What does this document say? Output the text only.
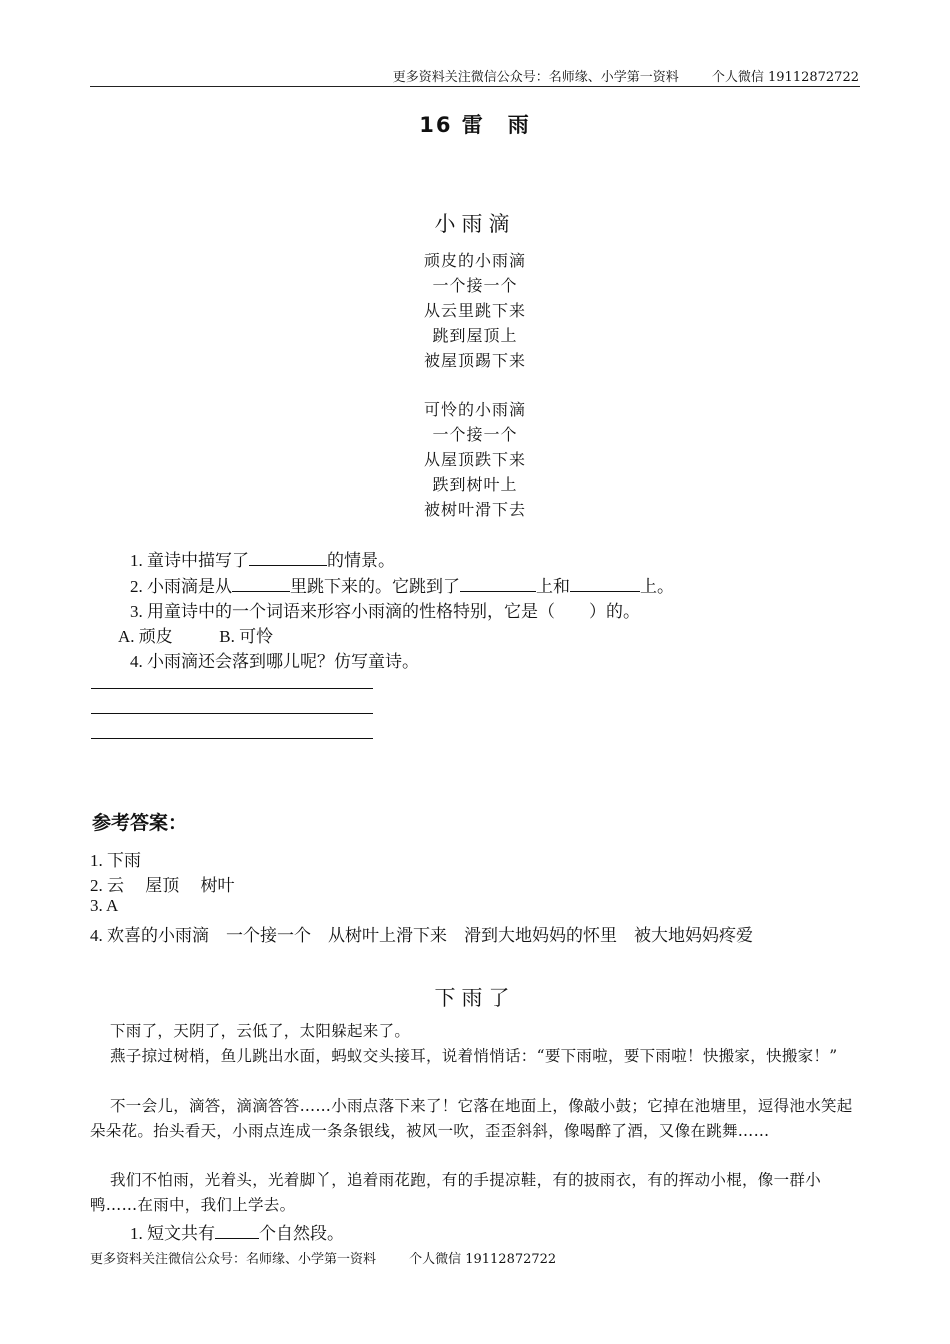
更多资料关注微信公众号：名师缘、小学第一资料	个人微信 19112872722
16 雷　雨
小雨滴
顽皮的小雨滴
一个接一个
从云里跳下来
跳到屋顶上
被屋顶踢下来
可怜的小雨滴
一个接一个
从屋顶跌下来
跌到树叶上
被树叶滑下去
1. 童诗中描写了	的情景。
2. 小雨滴是从	里跳下来的。它跳到了	上和	上。
3. 用童诗中的一个词语来形容小雨滴的性格特别，它是（　　）的。
A. 顽皮	B. 可怜
4. 小雨滴还会落到哪儿呢？仿写童诗。
参考答案：
1. 下雨
2. 云　 屋顶　 树叶
3. A
4. 欢喜的小雨滴　一个接一个　从树叶上滑下来　滑到大地妈妈的怀里　被大地妈妈疼爱
下雨了
下雨了，天阴了，云低了，太阳躲起来了。
燕子掠过树梢，鱼儿跳出水面，蚂蚁交头接耳，说着悄悄话：“要下雨啦，要下雨啦！快搬家，快搬家！”
不一会儿，滴答，滴滴答答……小雨点落下来了！它落在地面上，像敲小鼓；它掉在池塘里，逗得池水笑起朵朵花。抬头看天，小雨点连成一条条银线，被风一吹，歪歪斜斜，像喝醉了酒，又像在跳舞……
我们不怕雨，光着头，光着脚丫，追着雨花跑，有的手提凉鞋，有的披雨衣，有的挥动小棍，像一群小鸭……在雨中，我们上学去。
1. 短文共有	个自然段。
更多资料关注微信公众号：名师缘、小学第一资料	个人微信 19112872722
